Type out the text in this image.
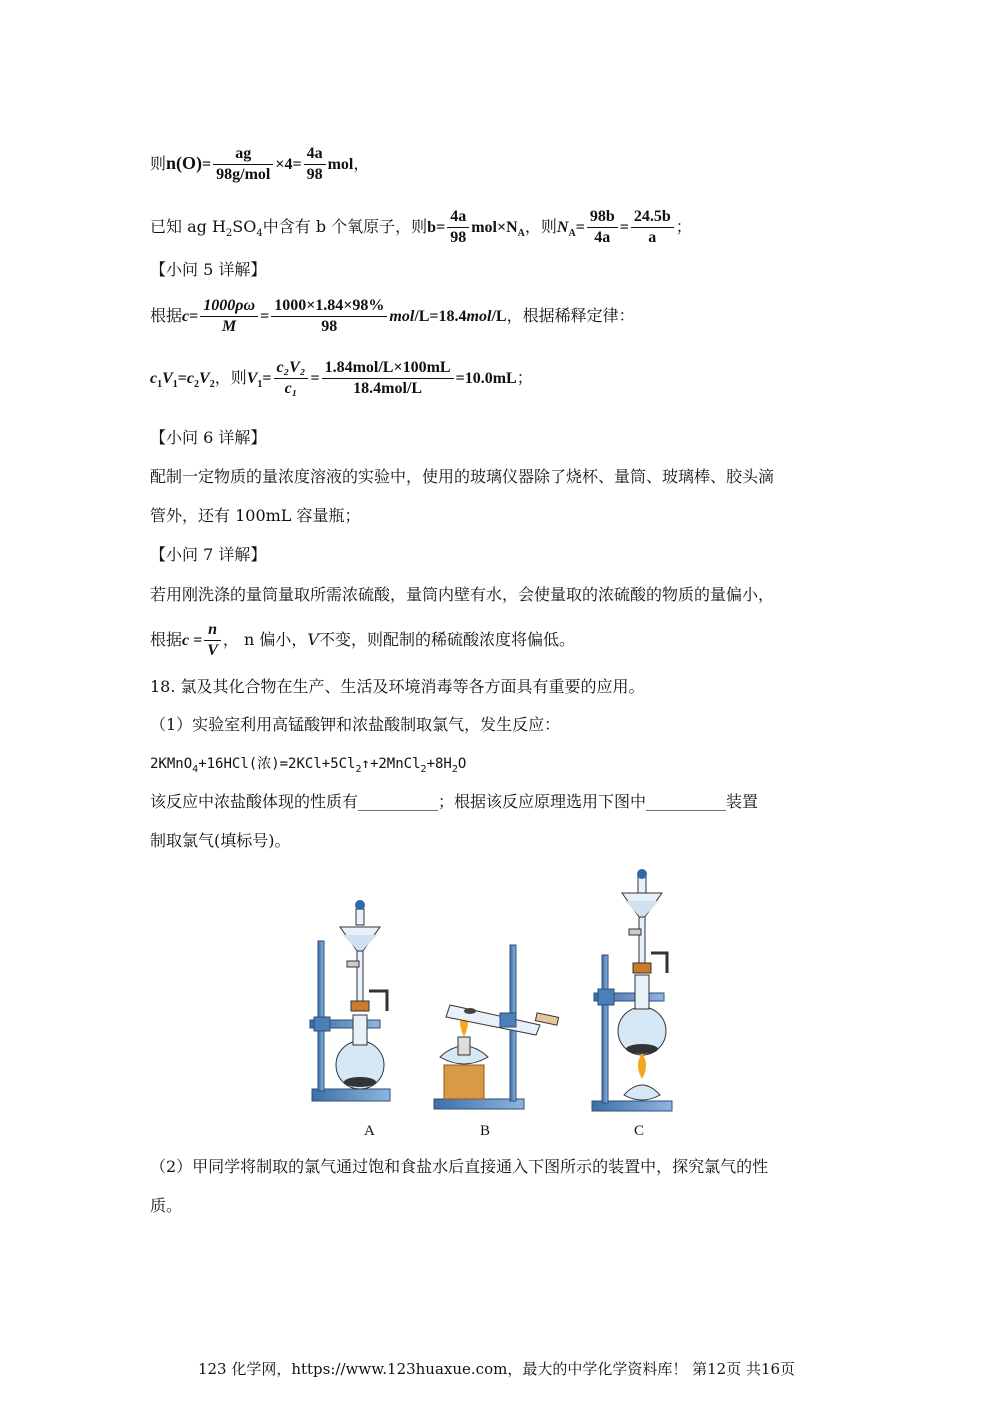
则$n(O)= \frac{ag}{\text{98g/mol}} \times 4= \frac{4a}{98}$ mol，
已知 ag $H_2SO_4$中含有 b 个氧原子，则$b= \frac{4a}{98} mol\times N_A$，则$N_A= \frac{98b}{4a} = \frac{24.5b}{a}$ ；
【小问 5 详解】
根据$c= \frac{1000\rho\omega}{M} = \frac{1000\times 1.84\times 98\%}{98} mol/L=18.4mol/L$，根据稀释定律：
$c_1V_1=c_2V_2$，则$V_1= \frac{\text{c₂V₂}}{\text{c₁}} = \frac{\text{1.84mol/L×100mL}}{\text{18.4mol/L}} =10.0mL$；
【小问 6 详解】
配制一定物质的量浓度溶液的实验中，使用的玻璃仪器除了烧杯、量筒、玻璃棒、胶头滴
管外，还有 100mL 容量瓶；
【小问 7 详解】
若用刚洗涤的量筒量取所需浓硫酸，量筒内壁有水，会使量取的浓硫酸的物质的量偏小，
根据$c = \frac{n}{V}$ ， n 偏小，V不变，则配制的稀硫酸浓度将偏低。
18. 氯及其化合物在生产、生活及环境消毒等各方面具有重要的应用。
（1）实验室利用高锰酸钾和浓盐酸制取氯气，发生反应：
2KMnO$_4$+16HCl(浓)$=2KCl+5Cl_2↑+2MnCl_2+8H_2O$
该反应中浓盐酸体现的性质有__________；根据该反应原理选用下图中__________装置
制取氯气(填标号)。
A	B	C
（2）甲同学将制取的氯气通过饱和食盐水后直接通入下图所示的装置中，探究氯气的性
质。
123 化学网，https://www.123huaxue.com，最大的中学化学资料库！ 第12页 共16页
